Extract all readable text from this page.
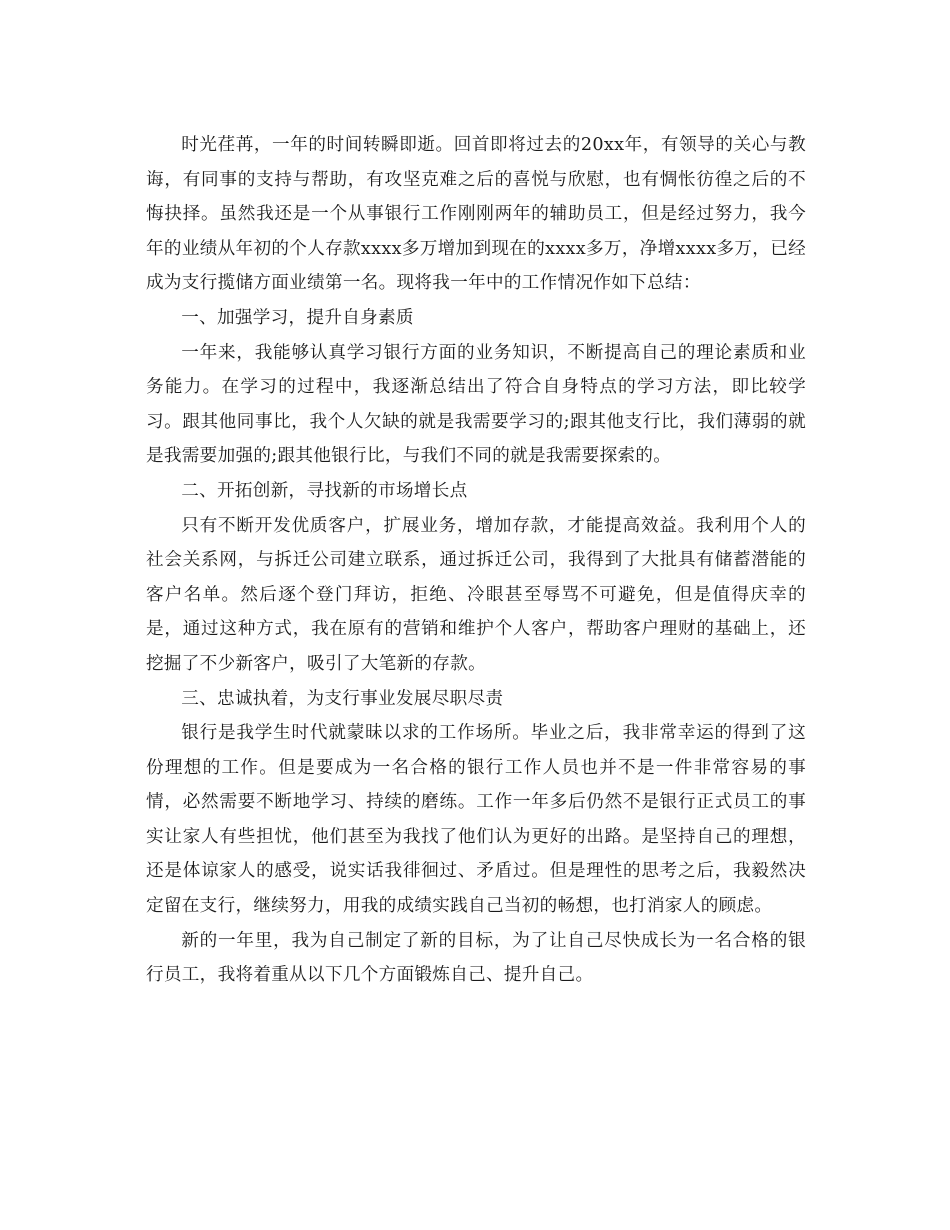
时光荏苒，一年的时间转瞬即逝。回首即将过去的20xx年，有领导的关心与教诲，有同事的支持与帮助，有攻坚克难之后的喜悦与欣慰，也有惆怅彷徨之后的不悔抉择。虽然我还是一个从事银行工作刚刚两年的辅助员工，但是经过努力，我今年的业绩从年初的个人存款xxxx多万增加到现在的xxxx多万，净增xxxx多万，已经成为支行揽储方面业绩第一名。现将我一年中的工作情况作如下总结：

一、加强学习，提升自身素质

一年来，我能够认真学习银行方面的业务知识，不断提高自己的理论素质和业务能力。在学习的过程中，我逐渐总结出了符合自身特点的学习方法，即比较学习。跟其他同事比，我个人欠缺的就是我需要学习的;跟其他支行比，我们薄弱的就是我需要加强的;跟其他银行比，与我们不同的就是我需要探索的。

二、开拓创新，寻找新的市场增长点

只有不断开发优质客户，扩展业务，增加存款，才能提高效益。我利用个人的社会关系网，与拆迁公司建立联系，通过拆迁公司，我得到了大批具有储蓄潜能的客户名单。然后逐个登门拜访，拒绝、冷眼甚至辱骂不可避免，但是值得庆幸的是，通过这种方式，我在原有的营销和维护个人客户，帮助客户理财的基础上，还挖掘了不少新客户，吸引了大笔新的存款。

三、忠诚执着，为支行事业发展尽职尽责

银行是我学生时代就蒙昧以求的工作场所。毕业之后，我非常幸运的得到了这份理想的工作。但是要成为一名合格的银行工作人员也并不是一件非常容易的事情，必然需要不断地学习、持续的磨练。工作一年多后仍然不是银行正式员工的事实让家人有些担忧，他们甚至为我找了他们认为更好的出路。是坚持自己的理想，还是体谅家人的感受，说实话我徘徊过、矛盾过。但是理性的思考之后，我毅然决定留在支行，继续努力，用我的成绩实践自己当初的畅想，也打消家人的顾虑。

新的一年里，我为自己制定了新的目标，为了让自己尽快成长为一名合格的银行员工，我将着重从以下几个方面锻炼自己、提升自己。
